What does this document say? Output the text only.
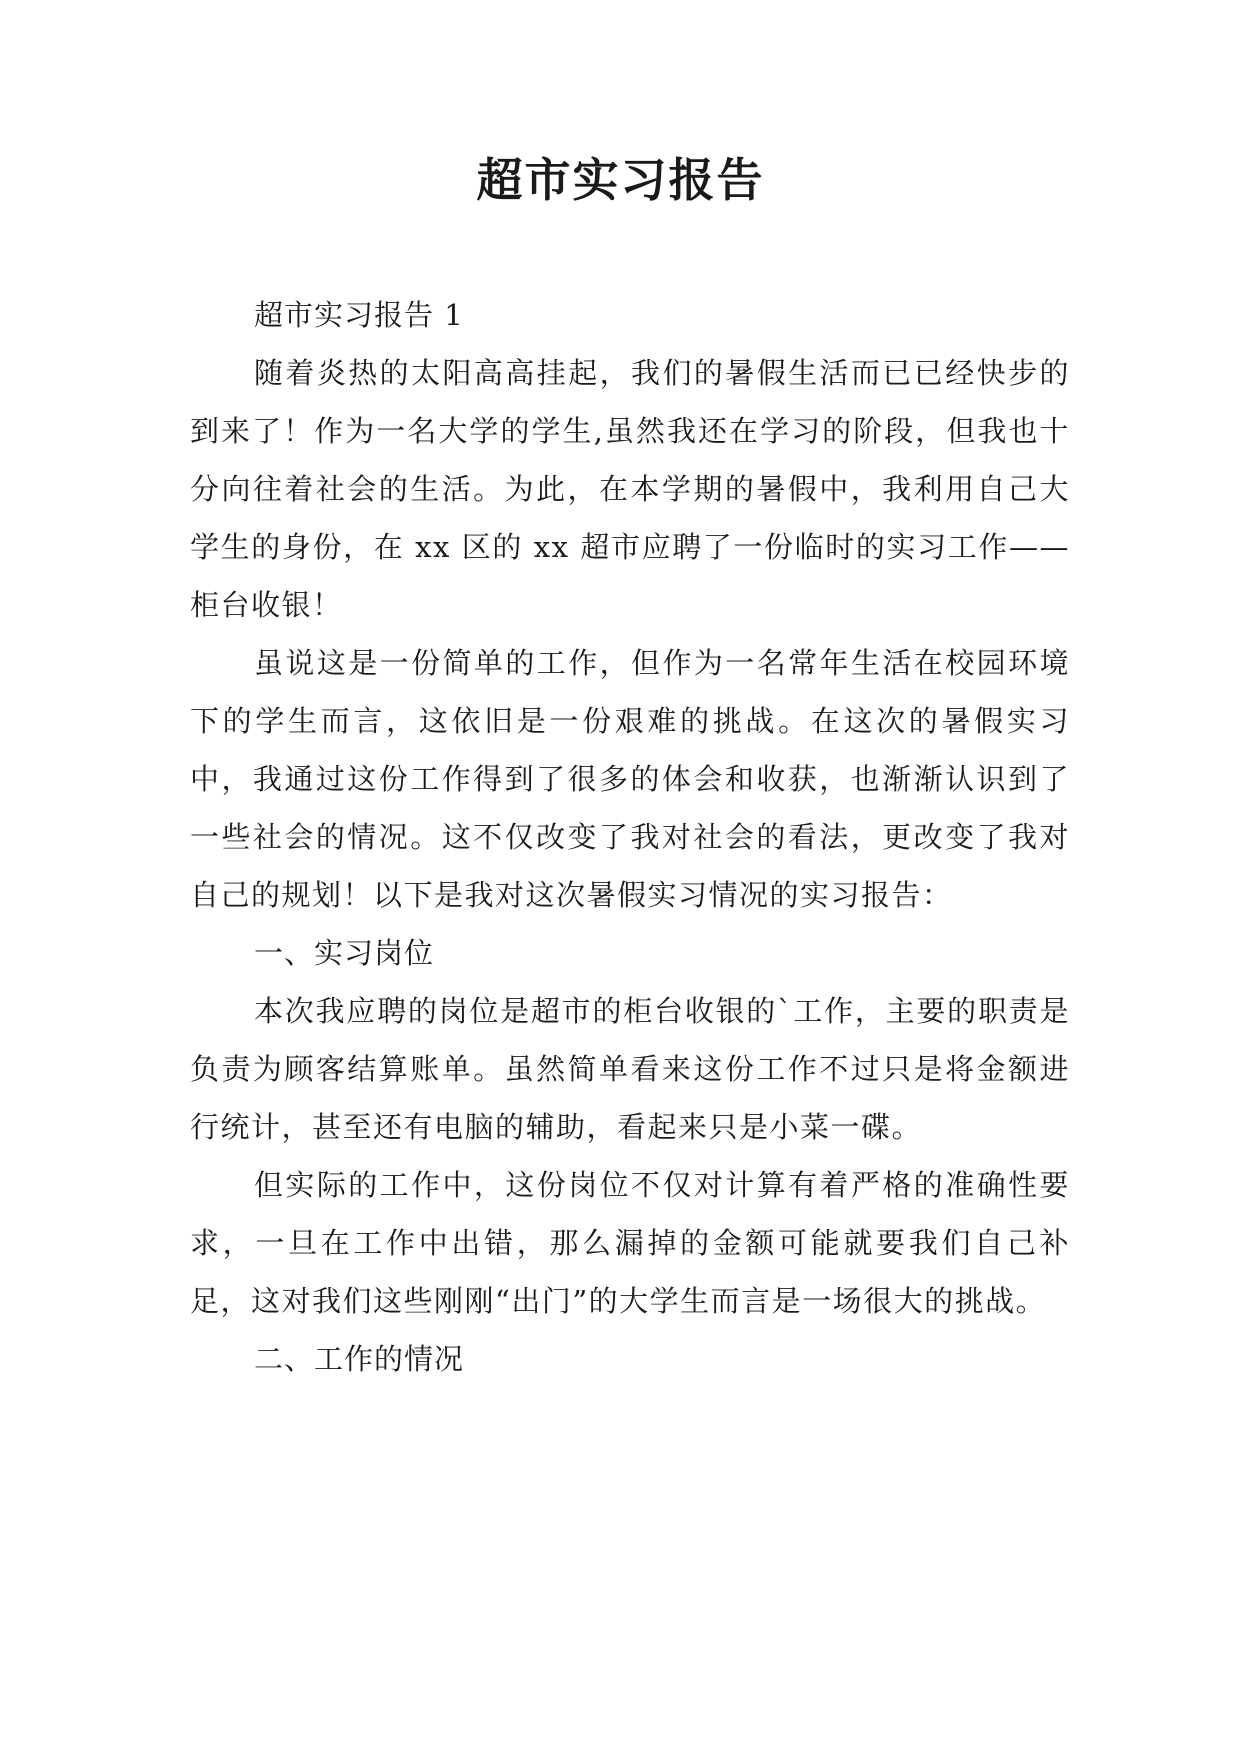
超市实习报告

超市实习报告 1

随着炎热的太阳高高挂起，我们的暑假生活而已已经快步的到来了！作为一名大学的学生,虽然我还在学习的阶段，但我也十分向往着社会的生活。为此，在本学期的暑假中，我利用自己大学生的身份，在 xx 区的 xx 超市应聘了一份临时的实习工作——柜台收银！

虽说这是一份简单的工作，但作为一名常年生活在校园环境下的学生而言，这依旧是一份艰难的挑战。在这次的暑假实习中，我通过这份工作得到了很多的体会和收获，也渐渐认识到了一些社会的情况。这不仅改变了我对社会的看法，更改变了我对自己的规划！以下是我对这次暑假实习情况的实习报告：

一、实习岗位

本次我应聘的岗位是超市的柜台收银的`工作，主要的职责是负责为顾客结算账单。虽然简单看来这份工作不过只是将金额进行统计，甚至还有电脑的辅助，看起来只是小菜一碟。

但实际的工作中，这份岗位不仅对计算有着严格的准确性要求，一旦在工作中出错，那么漏掉的金额可能就要我们自己补足，这对我们这些刚刚“出门”的大学生而言是一场很大的挑战。

二、工作的情况
